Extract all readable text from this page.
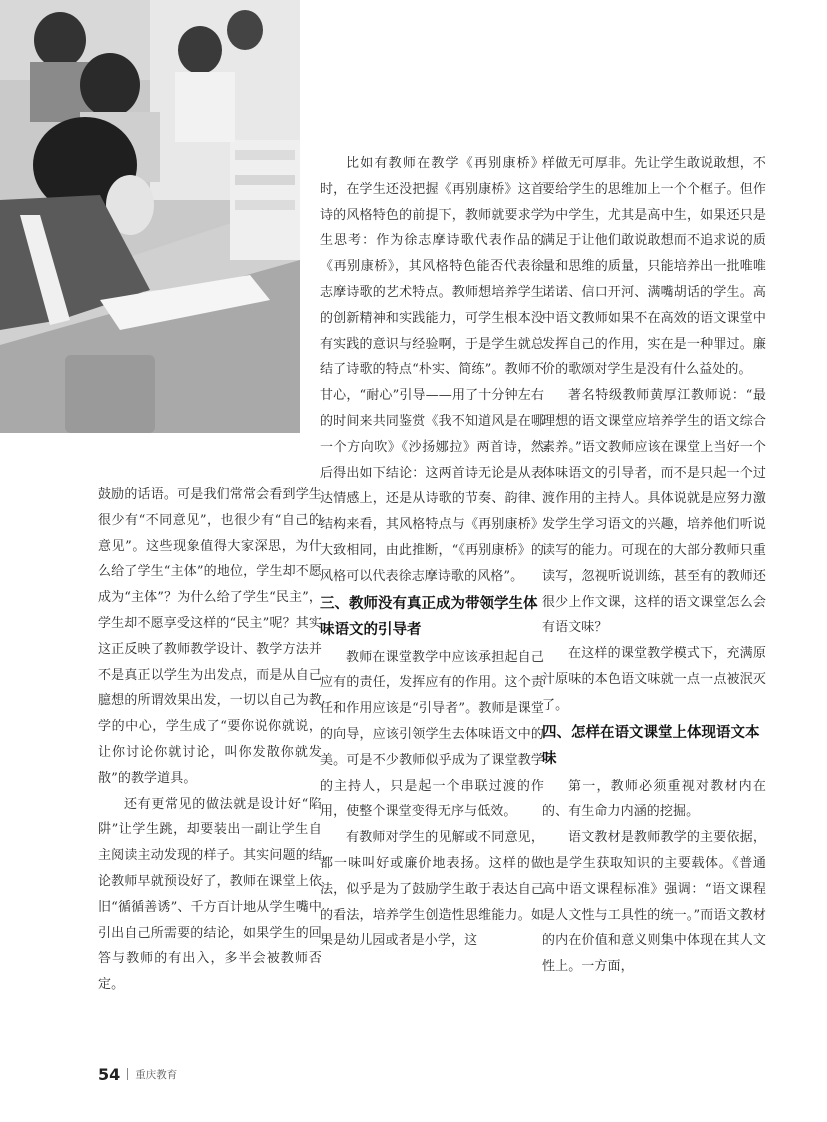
鼓励的话语。可是我们常常会看到学生很少有“不同意见”，也很少有“自己的意见”。这些现象值得大家深思，为什么给了学生“主体”的地位，学生却不愿成为“主体”？为什么给了学生“民主”，学生却不愿享受这样的“民主”呢？其实这正反映了教师教学设计、教学方法并不是真正以学生为出发点，而是从自己臆想的所谓效果出发，一切以自己为教学的中心，学生成了“要你说你就说，让你讨论你就讨论，叫你发散你就发散”的教学道具。

还有更常见的做法就是设计好“陷阱”让学生跳，却要装出一副让学生自主阅读主动发现的样子。其实问题的结论教师早就预设好了，教师在课堂上依旧“循循善诱”、千方百计地从学生嘴中引出自己所需要的结论，如果学生的回答与教师的有出入，多半会被教师否定。

比如有教师在教学《再别康桥》时，在学生还没把握《再别康桥》这首诗的风格特色的前提下，教师就要求学生思考：作为徐志摩诗歌代表作品的《再别康桥》，其风格特色能否代表徐志摩诗歌的艺术特点。教师想培养学生的创新精神和实践能力，可学生根本没有实践的意识与经验啊，于是学生就总结了诗歌的特点“朴实、简练”。教师不甘心，“耐心”引导——用了十分钟左右的时间来共同鉴赏《我不知道风是在哪一个方向吹》《沙扬娜拉》两首诗，然后得出如下结论：这两首诗无论是从表达情感上，还是从诗歌的节奏、韵律、结构来看，其风格特点与《再别康桥》大致相同，由此推断，“《再别康桥》的风格可以代表徐志摩诗歌的风格”。

三、教师没有真正成为带领学生体味语文的引导者

教师在课堂教学中应该承担起自己应有的责任，发挥应有的作用。这个责任和作用应该是“引导者”。教师是课堂的向导，应该引领学生去体味语文中的美。可是不少教师似乎成为了课堂教学的主持人，只是起一个串联过渡的作用，使整个课堂变得无序与低效。

有教师对学生的见解或不同意见，都一味叫好或廉价地表扬。这样的做法，似乎是为了鼓励学生敢于表达自己的看法，培养学生创造性思维能力。如果是幼儿园或者是小学，这

样做无可厚非。先让学生敢说敢想，不要给学生的思维加上一个个框子。但作为中学生，尤其是高中生，如果还只是满足于让他们敢说敢想而不追求说的质量和思维的质量，只能培养出一批唯唯诺诺、信口开河、满嘴胡话的学生。高中语文教师如果不在高效的语文课堂中发挥自己的作用，实在是一种罪过。廉价的歌颂对学生是没有什么益处的。

著名特级教师黄厚江教师说：“最理想的语文课堂应培养学生的语文综合素养。”语文教师应该在课堂上当好一个体味语文的引导者，而不是只起一个过渡作用的主持人。具体说就是应努力激发学生学习语文的兴趣，培养他们听说读写的能力。可现在的大部分教师只重读写，忽视听说训练，甚至有的教师还很少上作文课，这样的语文课堂怎么会有语文味？

在这样的课堂教学模式下，充满原汁原味的本色语文味就一点一点被泯灭了。

四、怎样在语文课堂上体现语文本味

第一，教师必须重视对教材内在的、有生命力内涵的挖掘。

语文教材是教师教学的主要依据，也是学生获取知识的主要载体。《普通高中语文课程标准》强调：“语文课程是人文性与工具性的统一。”而语文教材的内在价值和意义则集中体现在其人文性上。一方面，

54 重庆教育
